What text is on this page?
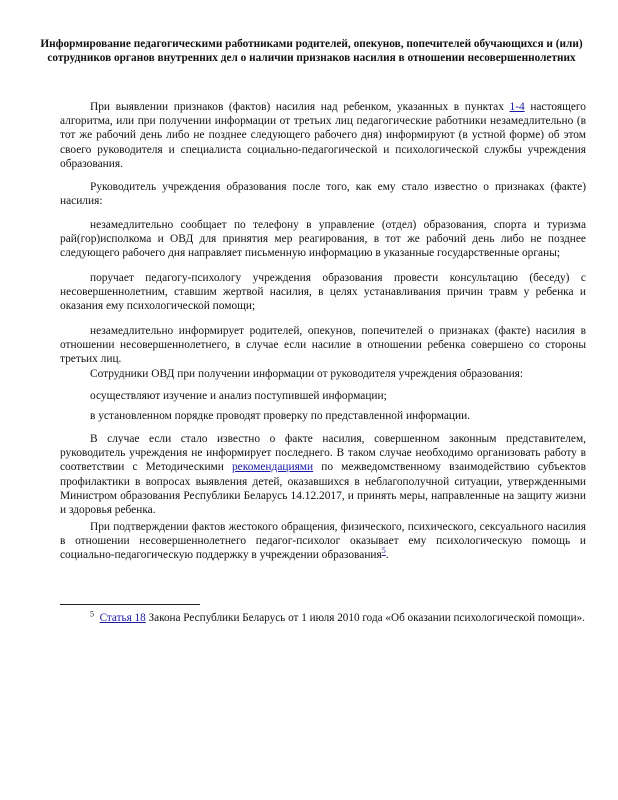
Информирование педагогическими работниками родителей, опекунов, попечителей обучающихся и (или) сотрудников органов внутренних дел о наличии признаков насилия в отношении несовершеннолетних

При выявлении признаков (фактов) насилия над ребенком, указанных в пунктах 1-4 настоящего алгоритма, или при получении информации от третьих лиц педагогические работники незамедлительно (в тот же рабочий день либо не позднее следующего рабочего дня) информируют (в устной форме) об этом своего руководителя и специалиста социально-педагогической и психологической службы учреждения образования.

Руководитель учреждения образования после того, как ему стало известно о признаках (факте) насилия:

незамедлительно сообщает по телефону в управление (отдел) образования, спорта и туризма рай(гор)исполкома и ОВД для принятия мер реагирования, в тот же рабочий день либо не позднее следующего рабочего дня направляет письменную информацию в указанные государственные органы;

поручает педагогу-психологу учреждения образования провести консультацию (беседу) с несовершеннолетним, ставшим жертвой насилия, в целях устанавливания причин травм у ребенка и оказания ему психологической помощи;

незамедлительно информирует родителей, опекунов, попечителей о признаках (факте) насилия в отношении несовершеннолетнего, в случае если насилие в отношении ребенка совершено со стороны третьих лиц.

Сотрудники ОВД при получении информации от руководителя учреждения образования:

осуществляют изучение и анализ поступившей информации;

в установленном порядке проводят проверку по представленной информации.

В случае если стало известно о факте насилия, совершенном законным представителем, руководитель учреждения не информирует последнего. В таком случае необходимо организовать работу в соответствии с Методическими рекомендациями по межведомственному взаимодействию субъектов профилактики в вопросах выявления детей, оказавшихся в неблагополучной ситуации, утвержденными Министром образования Республики Беларусь 14.12.2017, и принять меры, направленные на защиту жизни и здоровья ребенка.

При подтверждении фактов жестокого обращения, физического, психического, сексуального насилия в отношении несовершеннолетнего педагог-психолог оказывает ему психологическую помощь и социально-педагогическую поддержку в учреждении образования$^5$.

$^5$ Статья 18 Закона Республики Беларусь от 1 июля 2010 года «Об оказании психологической помощи».
